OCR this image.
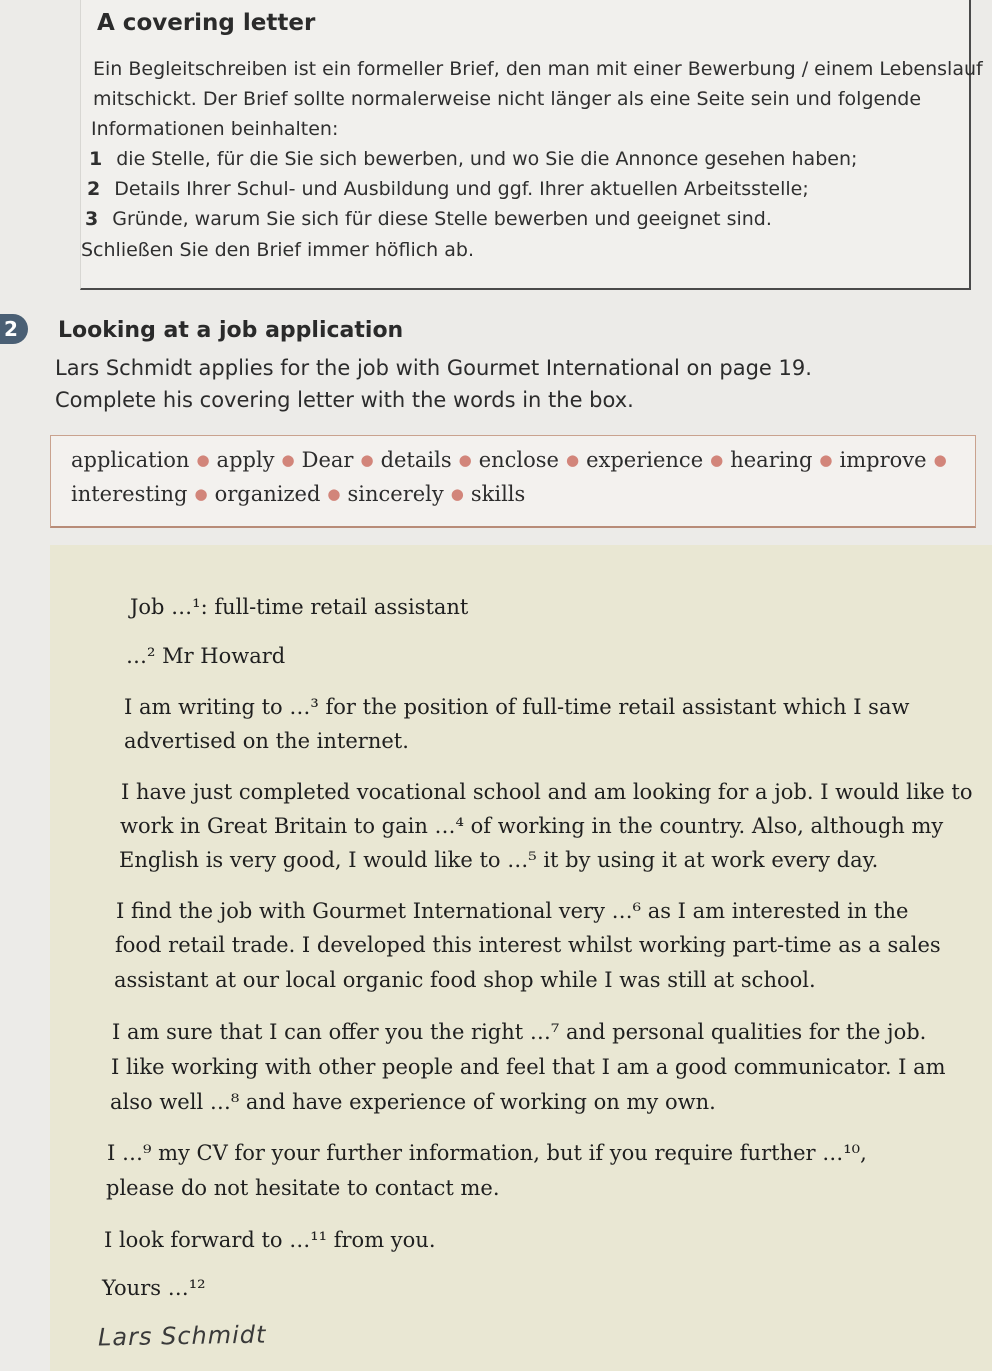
A covering letter
Ein Begleitschreiben ist ein formeller Brief, den man mit einer Bewerbung / einem Lebenslauf
mitschickt. Der Brief sollte normalerweise nicht länger als eine Seite sein und folgende
Informationen beinhalten:
1 die Stelle, für die Sie sich bewerben, und wo Sie die Annonce gesehen haben;
2 Details Ihrer Schul- und Ausbildung und ggf. Ihrer aktuellen Arbeitsstelle;
3 Gründe, warum Sie sich für diese Stelle bewerben und geeignet sind.
Schließen Sie den Brief immer höflich ab.
2	Looking at a job application
Lars Schmidt applies for the job with Gourmet International on page 19. Complete his covering letter with the words in the box.
application ● apply ● Dear ● details ● enclose ● experience ● hearing ● improve ●
interesting ● organized ● sincerely ● skills
Job …¹: full-time retail assistant
…² Mr Howard
I am writing to …³ for the position of full-time retail assistant which I saw
advertised on the internet.
I have just completed vocational school and am looking for a job. I would like to
work in Great Britain to gain …⁴ of working in the country. Also, although my
English is very good, I would like to …⁵ it by using it at work every day.
I find the job with Gourmet International very …⁶ as I am interested in the
food retail trade. I developed this interest whilst working part-time as a sales
assistant at our local organic food shop while I was still at school.
I am sure that I can offer you the right …⁷ and personal qualities for the job.
I like working with other people and feel that I am a good communicator. I am
also well …⁸ and have experience of working on my own.
I …⁹ my CV for your further information, but if you require further …¹⁰,
please do not hesitate to contact me.
I look forward to …¹¹ from you.
Yours …¹²
Lars Schmidt
